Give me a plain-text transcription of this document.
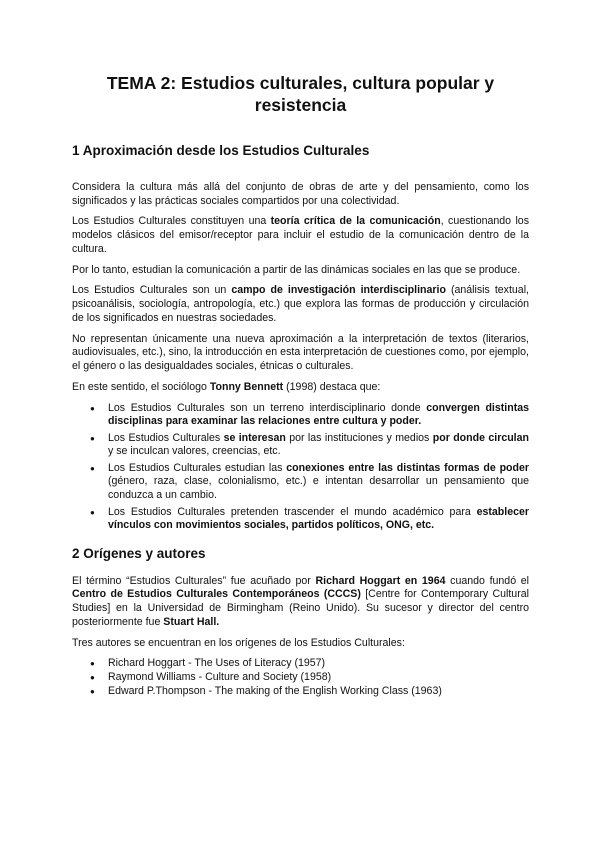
TEMA 2: Estudios culturales, cultura popular y resistencia
1 Aproximación desde los Estudios Culturales

Considera la cultura más allá del conjunto de obras de arte y del pensamiento, como los significados y las prácticas sociales compartidos por una colectividad.

Los Estudios Culturales constituyen una teoría crítica de la comunicación, cuestionando los modelos clásicos del emisor/receptor para incluir el estudio de la comunicación dentro de la cultura.

Por lo tanto, estudian la comunicación a partir de las dinámicas sociales en las que se produce.

Los Estudios Culturales son un campo de investigación interdisciplinario (análisis textual, psicoanálisis, sociología, antropología, etc.) que explora las formas de producción y circulación de los significados en nuestras sociedades.

No representan únicamente una nueva aproximación a la interpretación de textos (literarios, audiovisuales, etc.), sino, la introducción en esta interpretación de cuestiones como, por ejemplo, el género o las desigualdades sociales, étnicas o culturales.

En este sentido, el sociólogo Tonny Bennett (1998) destaca que:

● Los Estudios Culturales son un terreno interdisciplinario donde convergen distintas disciplinas para examinar las relaciones entre cultura y poder.
● Los Estudios Culturales se interesan por las instituciones y medios por donde circulan y se inculcan valores, creencias, etc.
● Los Estudios Culturales estudian las conexiones entre las distintas formas de poder (género, raza, clase, colonialismo, etc.) e intentan desarrollar un pensamiento que conduzca a un cambio.
● Los Estudios Culturales pretenden trascender el mundo académico para establecer vínculos con movimientos sociales, partidos políticos, ONG, etc.
2 Orígenes y autores

El término “Estudios Culturales” fue acuñado por Richard Hoggart en 1964 cuando fundó el Centro de Estudios Culturales Contemporáneos (CCCS) [Centre for Contemporary Cultural Studies] en la Universidad de Birmingham (Reino Unido). Su sucesor y director del centro posteriormente fue Stuart Hall.

Tres autores se encuentran en los orígenes de los Estudios Culturales:

● Richard Hoggart - The Uses of Literacy (1957)
● Raymond Williams - Culture and Society (1958)
● Edward P.Thompson - The making of the English Working Class (1963)
